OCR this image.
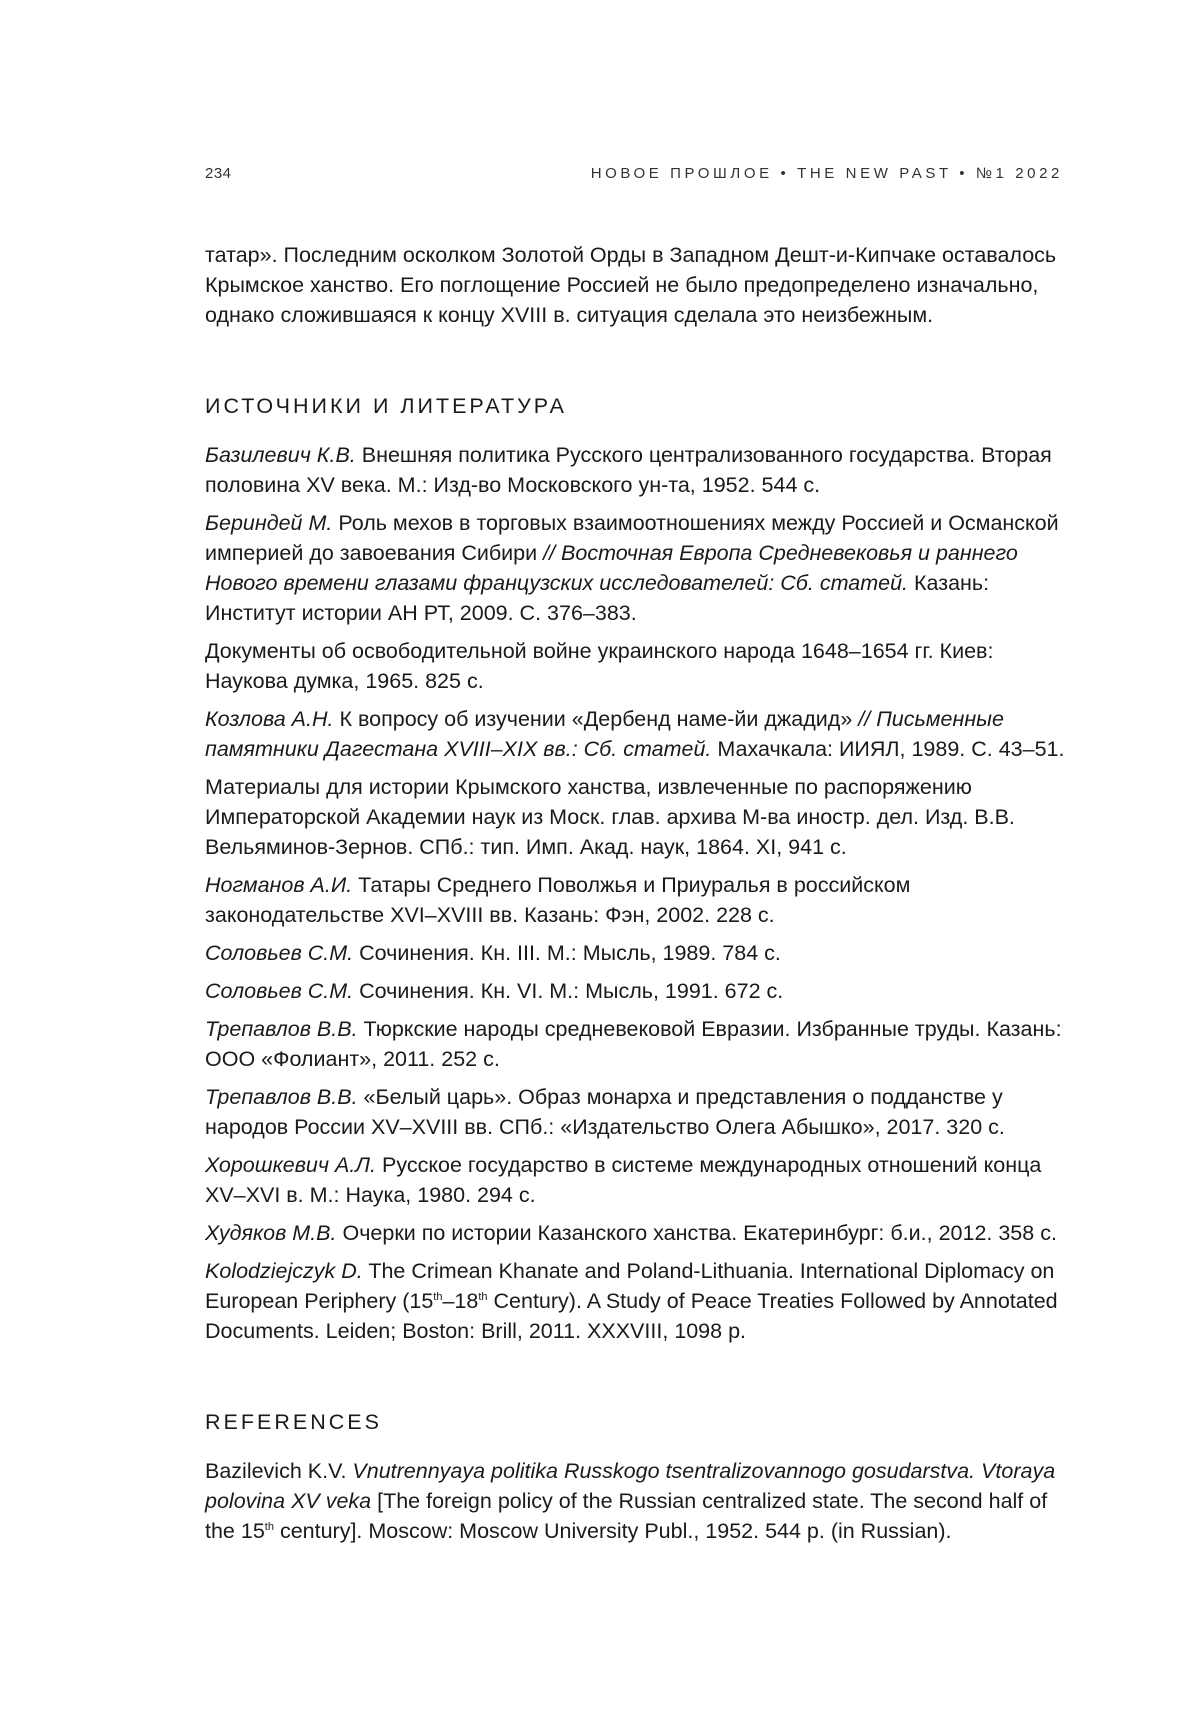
234	НОВОЕ ПРОШЛОЕ • THE NEW PAST • №1 2022

татар». Последним осколком Золотой Орды в Западном Дешт-и-Кипчаке оставалось Крымское ханство. Его поглощение Россией не было предопределено изначально, однако сложившаяся к концу XVIII в. ситуация сделала это неизбежным.

ИСТОЧНИКИ И ЛИТЕРАТУРА
Базилевич К.В. Внешняя политика Русского централизованного государства. Вторая половина XV века. М.: Изд-во Московского ун-та, 1952. 544 с.
Бериндей М. Роль мехов в торговых взаимоотношениях между Россией и Османской империей до завоевания Сибири // Восточная Европа Средневековья и раннего Нового времени глазами французских исследователей: Сб. статей. Казань: Институт истории АН РТ, 2009. С. 376–383.
Документы об освободительной войне украинского народа 1648–1654 гг. Киев: Наукова думка, 1965. 825 с.
Козлова А.Н. К вопросу об изучении «Дербенд наме-йи джадид» // Письменные памятники Дагестана XVIII–XIX вв.: Сб. статей. Махачкала: ИИЯЛ, 1989. С. 43–51.
Материалы для истории Крымского ханства, извлеченные по распоряжению Императорской Академии наук из Моск. глав. архива М-ва иностр. дел. Изд. В.В. Вельяминов-Зернов. СПб.: тип. Имп. Акад. наук, 1864. XI, 941 с.
Ногманов А.И. Татары Среднего Поволжья и Приуралья в российском законодательстве XVI–XVIII вв. Казань: Фэн, 2002. 228 с.
Соловьев С.М. Сочинения. Кн. III. М.: Мысль, 1989. 784 с.
Соловьев С.М. Сочинения. Кн. VI. М.: Мысль, 1991. 672 с.
Трепавлов В.В. Тюркские народы средневековой Евразии. Избранные труды. Казань: ООО «Фолиант», 2011. 252 с.
Трепавлов В.В. «Белый царь». Образ монарха и представления о подданстве у народов России XV–XVIII вв. СПб.: «Издательство Олега Абышко», 2017. 320 с.
Хорошкевич А.Л. Русское государство в системе международных отношений конца XV–XVI в. М.: Наука, 1980. 294 с.
Худяков М.В. Очерки по истории Казанского ханства. Екатеринбург: б.и., 2012. 358 с.
Kolodziejczyk D. The Crimean Khanate and Poland-Lithuania. International Diplomacy on European Periphery (15th–18th Century). A Study of Peace Treaties Followed by Annotated Documents. Leiden; Boston: Brill, 2011. XXXVIII, 1098 p.
REFERENCES
Bazilevich K.V. Vnutrennyaya politika Russkogo tsentralizovannogo gosudarstva. Vtoraya polovina XV veka [The foreign policy of the Russian centralized state. The second half of the 15th century]. Moscow: Moscow University Publ., 1952. 544 p. (in Russian).
